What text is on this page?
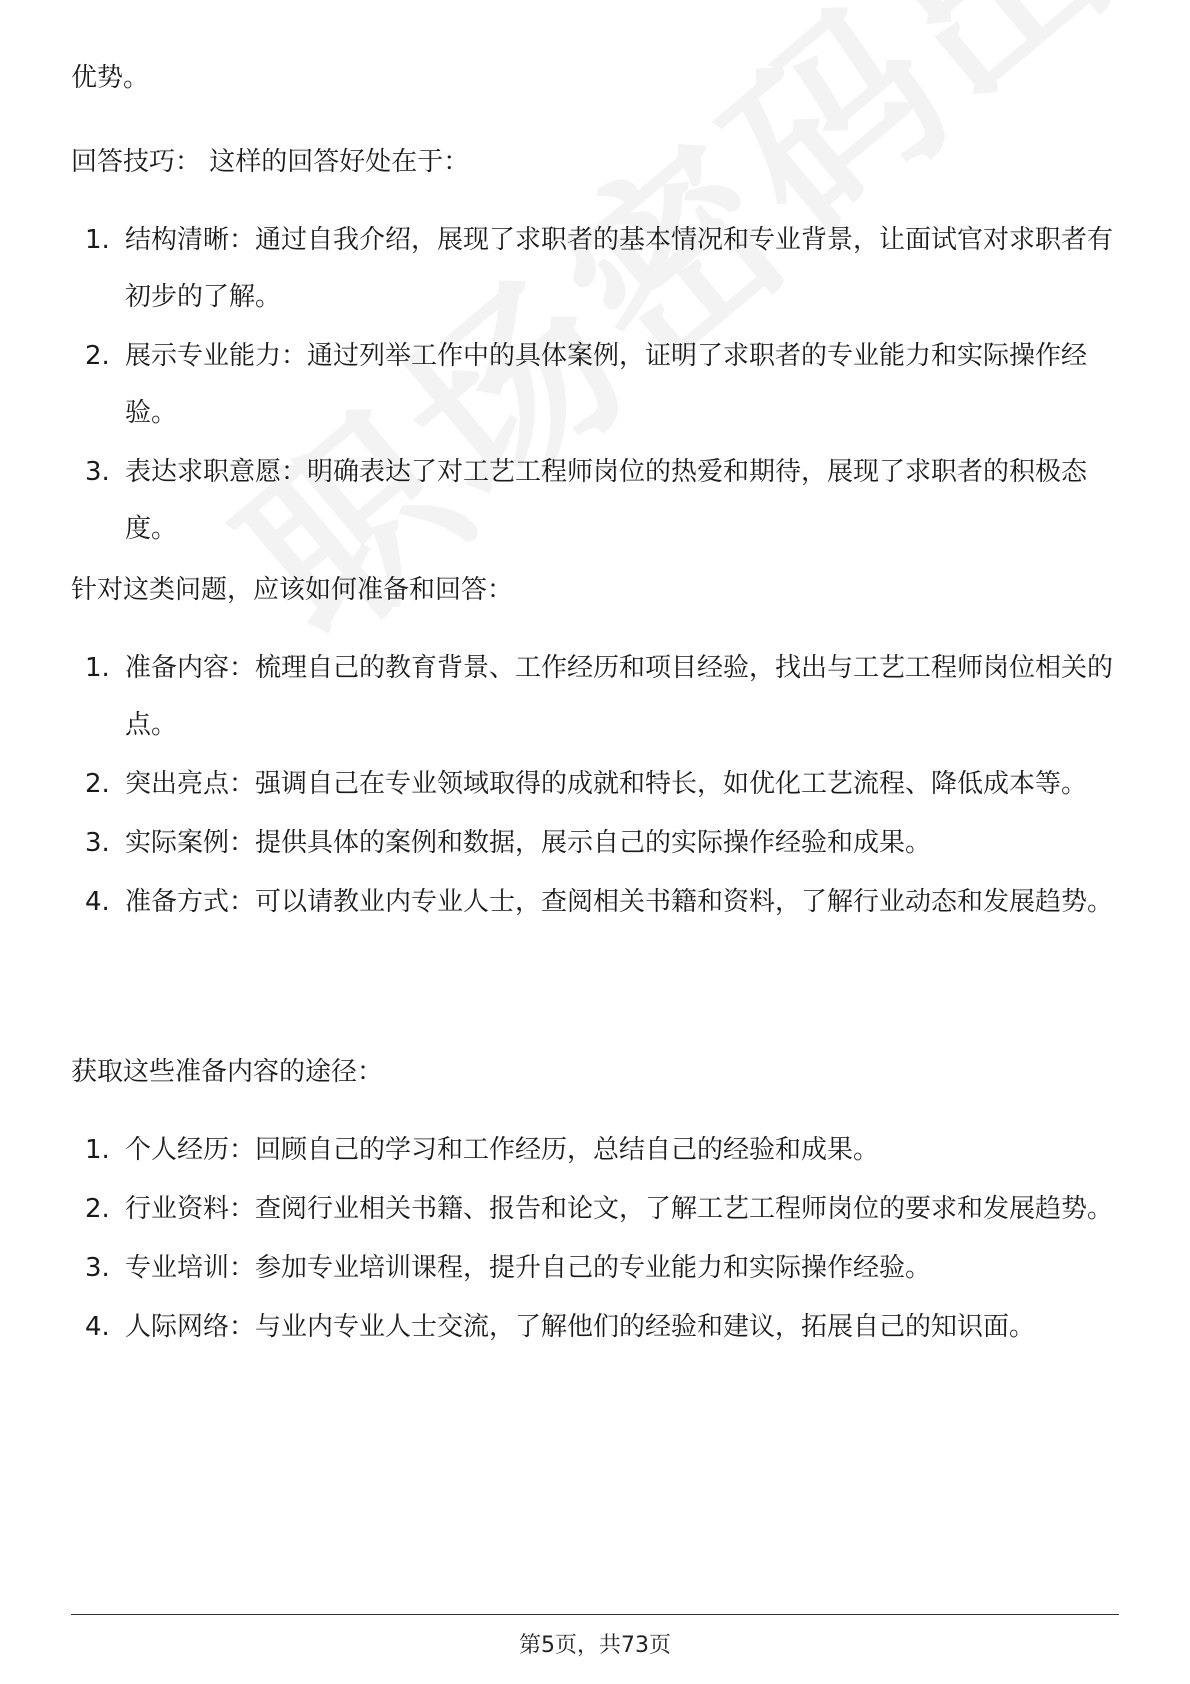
优势。

回答技巧： 这样的回答好处在于：

1. 结构清晰：通过自我介绍，展现了求职者的基本情况和专业背景，让面试官对求职者有初步的了解。
2. 展示专业能力：通过列举工作中的具体案例，证明了求职者的专业能力和实际操作经验。
3. 表达求职意愿：明确表达了对工艺工程师岗位的热爱和期待，展现了求职者的积极态度。

针对这类问题，应该如何准备和回答：

1. 准备内容：梳理自己的教育背景、工作经历和项目经验，找出与工艺工程师岗位相关的点。
2. 突出亮点：强调自己在专业领域取得的成就和特长，如优化工艺流程、降低成本等。
3. 实际案例：提供具体的案例和数据，展示自己的实际操作经验和成果。
4. 准备方式：可以请教业内专业人士，查阅相关书籍和资料，了解行业动态和发展趋势。

获取这些准备内容的途径：

1. 个人经历：回顾自己的学习和工作经历，总结自己的经验和成果。
2. 行业资料：查阅行业相关书籍、报告和论文，了解工艺工程师岗位的要求和发展趋势。
3. 专业培训：参加专业培训课程，提升自己的专业能力和实际操作经验。
4. 人际网络：与业内专业人士交流，了解他们的经验和建议，拓展自己的知识面。
第5页，共73页
